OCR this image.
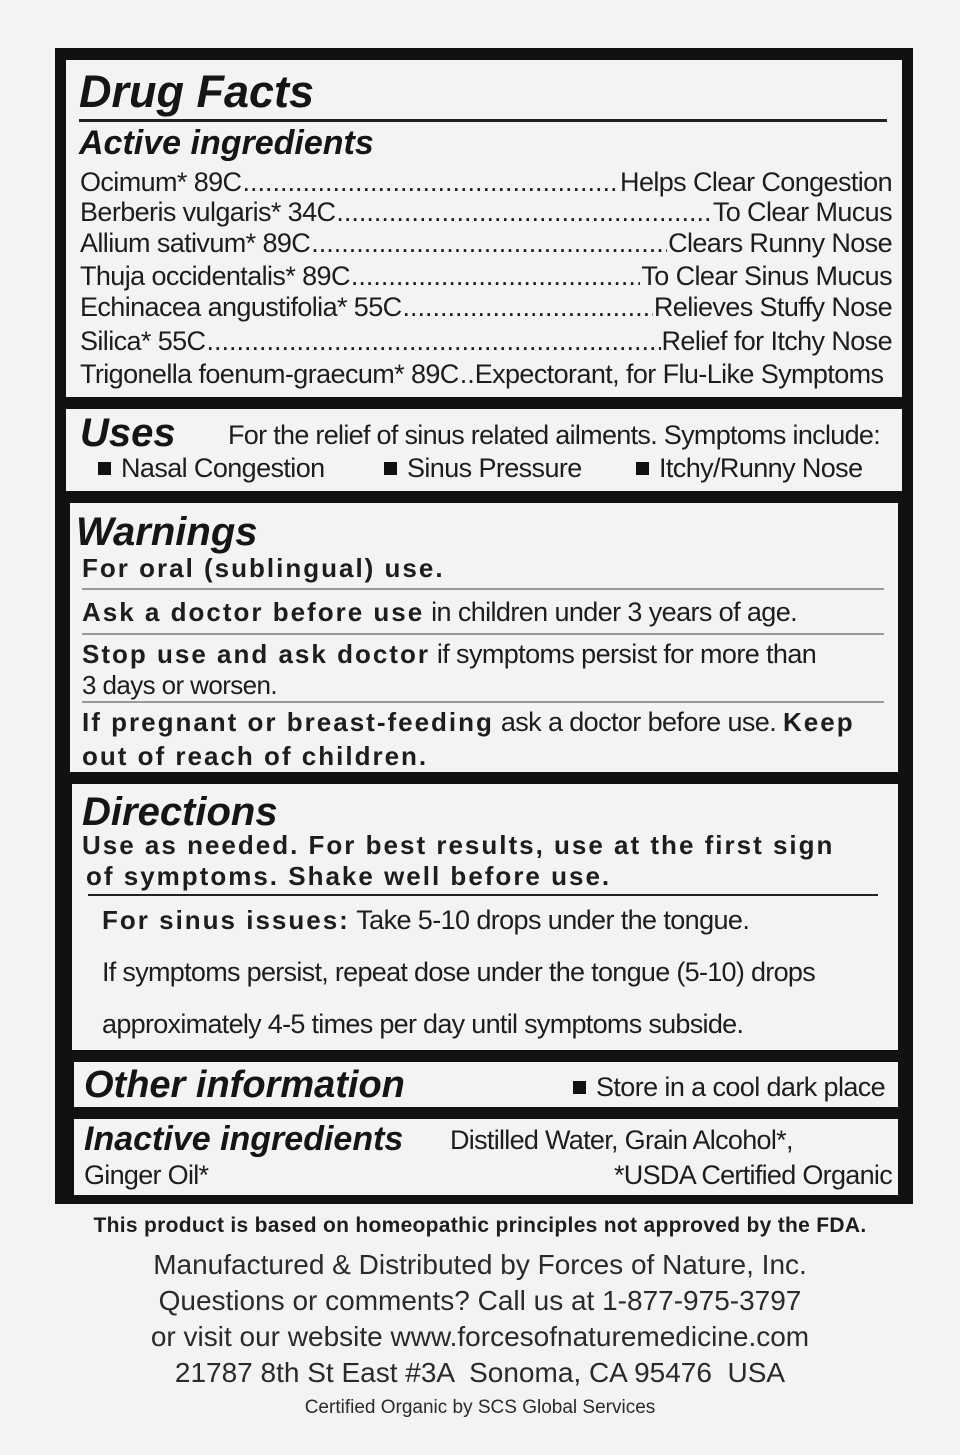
Drug Facts
Active ingredients
Ocimum* 89C .....	Helps Clear Congestion
Berberis vulgaris* 34C .....	To Clear Mucus
Allium sativum* 89C .....	Clears Runny Nose
Thuja occidentalis* 89C .....	To Clear Sinus Mucus
Echinacea angustifolia* 55C .....	Relieves Stuffy Nose
Silica* 55C .....	Relief for Itchy Nose
Trigonella foenum-graecum* 89C ..... Expectorant, for Flu-Like Symptoms
Uses For the relief of sinus related ailments. Symptoms include:
Nasal Congestion	Sinus Pressure	Itchy/Runny Nose
Warnings
For oral (sublingual) use.
Ask a doctor before use in children under 3 years of age.
Stop use and ask doctor if symptoms persist for more than
3 days or worsen.
If pregnant or breast-feeding ask a doctor before use. Keep
out of reach of children.
Directions
Use as needed. For best results, use at the first sign
of symptoms. Shake well before use.
For sinus issues: Take 5-10 drops under the tongue.
If symptoms persist, repeat dose under the tongue (5-10) drops
approximately 4-5 times per day until symptoms subside.
Other information	Store in a cool dark place
Inactive ingredients Distilled Water, Grain Alcohol*,
Ginger Oil*	*USDA Certified Organic
This product is based on homeopathic principles not approved by the FDA.
Manufactured & Distributed by Forces of Nature, Inc.
Questions or comments? Call us at 1-877-975-3797
or visit our website www.forcesofnaturemedicine.com
21787 8th St East #3A  Sonoma, CA 95476  USA
Certified Organic by SCS Global Services
